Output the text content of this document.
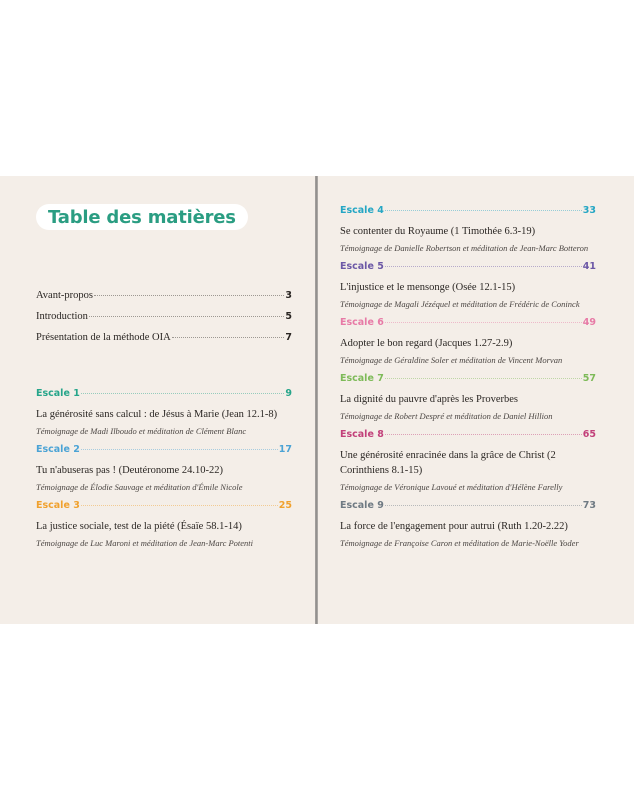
Table des matières
Avant-propos	3
Introduction	5
Présentation de la méthode OIA	7
Escale 1	9
La générosité sans calcul : de Jésus à Marie (Jean 12.1-8)
Témoignage de Madi Ilboudo et méditation de Clément Blanc
Escale 2	17
Tu n'abuseras pas ! (Deutéronome 24.10-22)
Témoignage de Élodie Sauvage et méditation d'Émile Nicole
Escale 3	25
La justice sociale, test de la piété (Ésaïe 58.1-14)
Témoignage de Luc Maroni et méditation de Jean-Marc Potenti
Escale 4	33
Se contenter du Royaume (1 Timothée 6.3-19)
Témoignage de Danielle Robertson et méditation de Jean-Marc Botteron
Escale 5	41
L'injustice et le mensonge (Osée 12.1-15)
Témoignage de Magali Jézéquel et méditation de Frédéric de Coninck
Escale 6	49
Adopter le bon regard (Jacques 1.27-2.9)
Témoignage de Géraldine Soler et méditation de Vincent Morvan
Escale 7	57
La dignité du pauvre d'après les Proverbes
Témoignage de Robert Despré et méditation de Daniel Hillion
Escale 8	65
Une générosité enracinée dans la grâce de Christ (2 Corinthiens 8.1-15)
Témoignage de Véronique Lavoué et méditation d'Hélène Farelly
Escale 9	73
La force de l'engagement pour autrui (Ruth 1.20-2.22)
Témoignage de Françoise Caron et méditation de Marie-Noëlle Yoder
